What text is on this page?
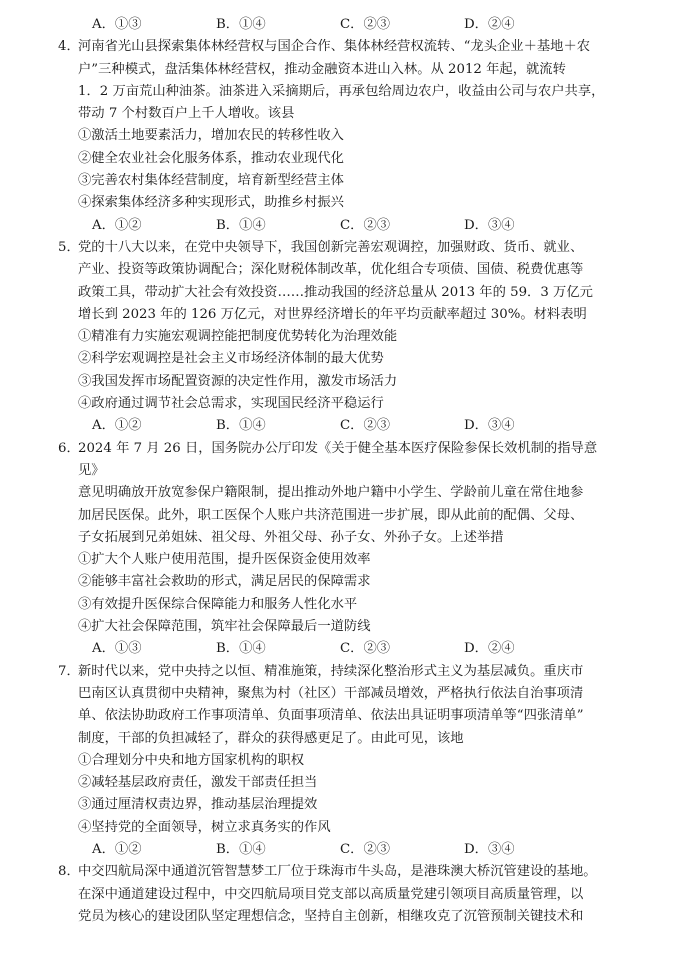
A．①③	B．①④	C．②③	D．②④
4．
河南省光山县探索集体林经营权与国企合作、集体林经营权流转、“龙头企业＋基地＋农
户”三种模式，盘活集体林经营权，推动金融资本进山入林。从 2012 年起，就流转
1．2 万亩荒山种油茶。油茶进入采摘期后，再承包给周边农户，收益由公司与农户共享，
带动 7 个村数百户上千人增收。该县
①激活土地要素活力，增加农民的转移性收入
②健全农业社会化服务体系，推动农业现代化
③完善农村集体经营制度，培育新型经营主体
④探索集体经济多种实现形式，助推乡村振兴
A．①②	B．①④	C．②③	D．③④
5．
党的十八大以来，在党中央领导下，我国创新完善宏观调控，加强财政、货币、就业、
产业、投资等政策协调配合；深化财税体制改革，优化组合专项债、国债、税费优惠等
政策工具，带动扩大社会有效投资……推动我国的经济总量从 2013 年的 59．3 万亿元
增长到 2023 年的 126 万亿元，对世界经济增长的年平均贡献率超过 30%。材料表明
①精准有力实施宏观调控能把制度优势转化为治理效能
②科学宏观调控是社会主义市场经济体制的最大优势
③我国发挥市场配置资源的决定性作用，激发市场活力
④政府通过调节社会总需求，实现国民经济平稳运行
A．①②	B．①④	C．②③	D．③④
6．
2024 年 7 月 26 日，国务院办公厅印发《关于健全基本医疗保险参保长效机制的指导意
见》
意见明确放开放宽参保户籍限制，提出推动外地户籍中小学生、学龄前儿童在常住地参
加居民医保。此外，职工医保个人账户共济范围进一步扩展，即从此前的配偶、父母、
子女拓展到兄弟姐妹、祖父母、外祖父母、孙子女、外孙子女。上述举措
①扩大个人账户使用范围，提升医保资金使用效率
②能够丰富社会救助的形式，满足居民的保障需求
③有效提升医保综合保障能力和服务人性化水平
④扩大社会保障范围，筑牢社会保障最后一道防线
A．①③	B．①④	C．②③	D．②④
7．
新时代以来，党中央持之以恒、精准施策，持续深化整治形式主义为基层减负。重庆市
巴南区认真贯彻中央精神，聚焦为村（社区）干部减员增效，严格执行依法自治事项清
单、依法协助政府工作事项清单、负面事项清单、依法出具证明事项清单等“四张清单”
制度，干部的负担减轻了，群众的获得感更足了。由此可见，该地
①合理划分中央和地方国家机构的职权
②减轻基层政府责任，激发干部责任担当
③通过厘清权责边界，推动基层治理提效
④坚持党的全面领导，树立求真务实的作风
A．①②	B．①④	C．②③	D．③④
8．
中交四航局深中通道沉管智慧梦工厂位于珠海市牛头岛，是港珠澳大桥沉管建设的基地。
在深中通道建设过程中，中交四航局项目党支部以高质量党建引领项目高质量管理，以
党员为核心的建设团队坚定理想信念，坚持自主创新，相继攻克了沉管预制关键技术和
